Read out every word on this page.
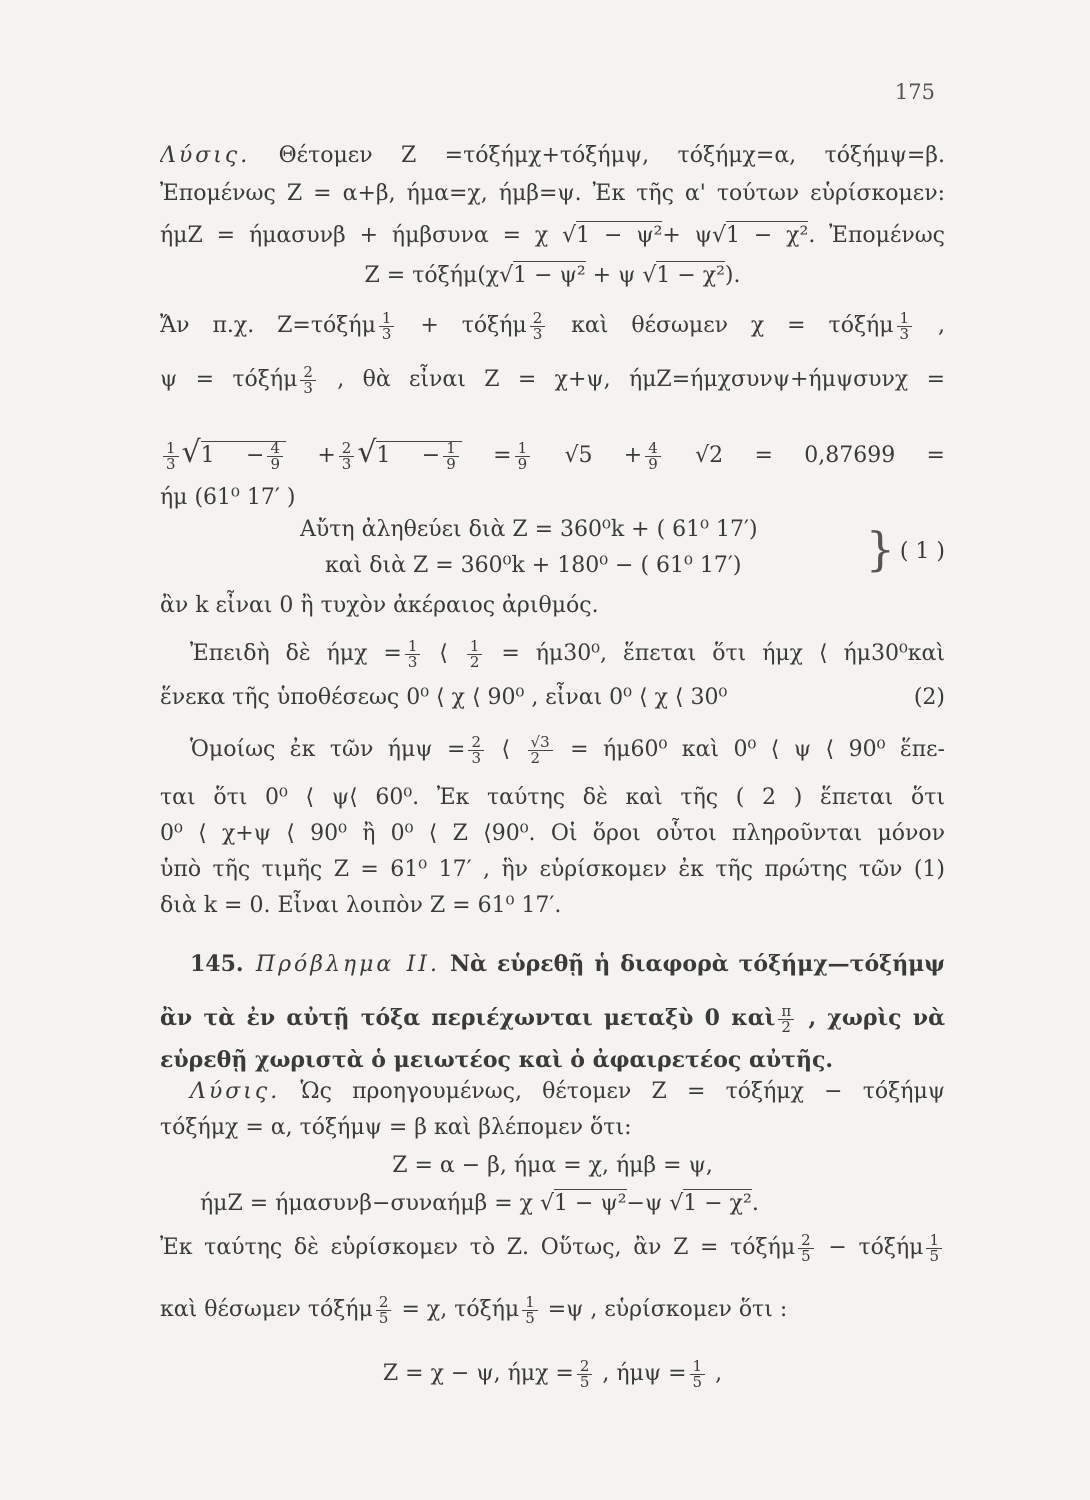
175
Λύσις. Θέτομεν Ζ =τόξήμχ+τόξήμψ, τόξήμχ=α, τόξήμψ=β.
Ἐπομένως Ζ = α+β, ήμα=χ, ήμβ=ψ. Ἐκ τῆς α' τούτων εὑρίσκομεν:
ήμΖ = ήμασυνβ + ήμβσυνα = χ √1 − ψ²+ ψ√1 − χ². Ἐπομένως
Ζ = τόξήμ(χ√1 − ψ² + ψ √1 − χ²).
Ἄν π.χ. $Z=\tau ό\xi ή\mu \frac{1}{3} + \tau ό\xi ή\mu \frac{2}{3}$ καὶ θέσωμεν χ = τόξήμ $\frac{1}{3}$ ,
ψ = τόξήμ $\frac{2}{3}$ , θὰ εἶναι Ζ = χ+ψ, ήμΖ=ήμχσυνψ+ήμψσυνχ =
$\frac{1}{3} √1 - \frac{4}{9} + \frac{2}{3} √1 - \frac{1}{9} = \frac{1}{9} √5 + \frac{4}{9} √2 = 0,87699$ =
ήμ (61⁰ 17′ )
Αὔτη ἀληθεύει διὰ Ζ = 360⁰k + ( 61⁰ 17′)
καὶ διὰ Ζ = 360⁰k + 180⁰ − ( 61⁰ 17′)	} ( 1 )
ἂν k εἶναι 0 ἢ τυχὸν ἀκέραιος ἀριθμός.
Ἐπειδὴ δὲ $ή\mu\chi = \frac{1}{3}$ ⟨ $\frac{1}{2} = ή\mu 30^0$, ἕπεται ὅτι ήμχ ⟨ ήμ30⁰καὶ
ἕνεκα τῆς ὑποθέσεως 0⁰ ⟨ χ ⟨ 90⁰ , εἶναι 0⁰ ⟨ χ ⟨ 30⁰	(2)
Ὁμοίως ἐκ τῶν $ή\mu\psi = \frac{2}{3}$ ⟨ $\frac{√3}{2} = ή\mu 60^0$ καὶ 0⁰ ⟨ ψ ⟨ 90⁰ ἕπε-
ται ὅτι 0⁰ ⟨ ψ⟨ 60⁰. Ἐκ ταύτης δὲ καὶ τῆς ( 2 ) ἕπεται ὅτι
0⁰ ⟨ χ+ψ ⟨ 90⁰ ἢ 0⁰ ⟨ Ζ ⟨90⁰. Οἱ ὅροι οὗτοι πληροῦνται μόνον
ὑπὸ τῆς τιμῆς Ζ = 61⁰ 17′ , ἣν εὑρίσκομεν ἐκ τῆς πρώτης τῶν (1)
διὰ k = 0. Εἶναι λοιπὸν Ζ = 61⁰ 17′.
145. Πρόβλημα ΙΙ. Νὰ εὑρεθῇ ἡ διαφορὰ τόξήμχ—τόξήμψ
ἂν τὰ ἐν αὐτῇ τόξα περιέχωνται μεταξὺ 0 καὶ $\frac{\pi}{2}$ , χωρὶς νὰ
εὑρεθῇ χωριστὰ ὁ μειωτέος καὶ ὁ ἀφαιρετέος αὐτῆς.
Λύσις. Ὡς προηγουμένως, θέτομεν Ζ = τόξήμχ − τόξήμψ
τόξήμχ = α, τόξήμψ = β καὶ βλέπομεν ὅτι:
Ζ = α − β, ήμα = χ, ήμβ = ψ,
ήμΖ = ήμασυνβ−συναήμβ = χ √1 − ψ²−ψ √1 − χ².
Ἐκ ταύτης δὲ εὑρίσκομεν τὸ Ζ. Οὕτως, ἂν Ζ = τόξήμ $\frac{2}{5} - \tau ό\xi ή\mu \frac{1}{5}$
καὶ θέσωμεν τόξήμ $\frac{2}{5} = \chi$, τόξήμ $\frac{1}{5} =\psi$ , εὑρίσκομεν ὅτι :
Ζ = χ − ψ, $ή\mu\chi = \frac{2}{5}$ , $ή\mu\psi = \frac{1}{5}$ ,
